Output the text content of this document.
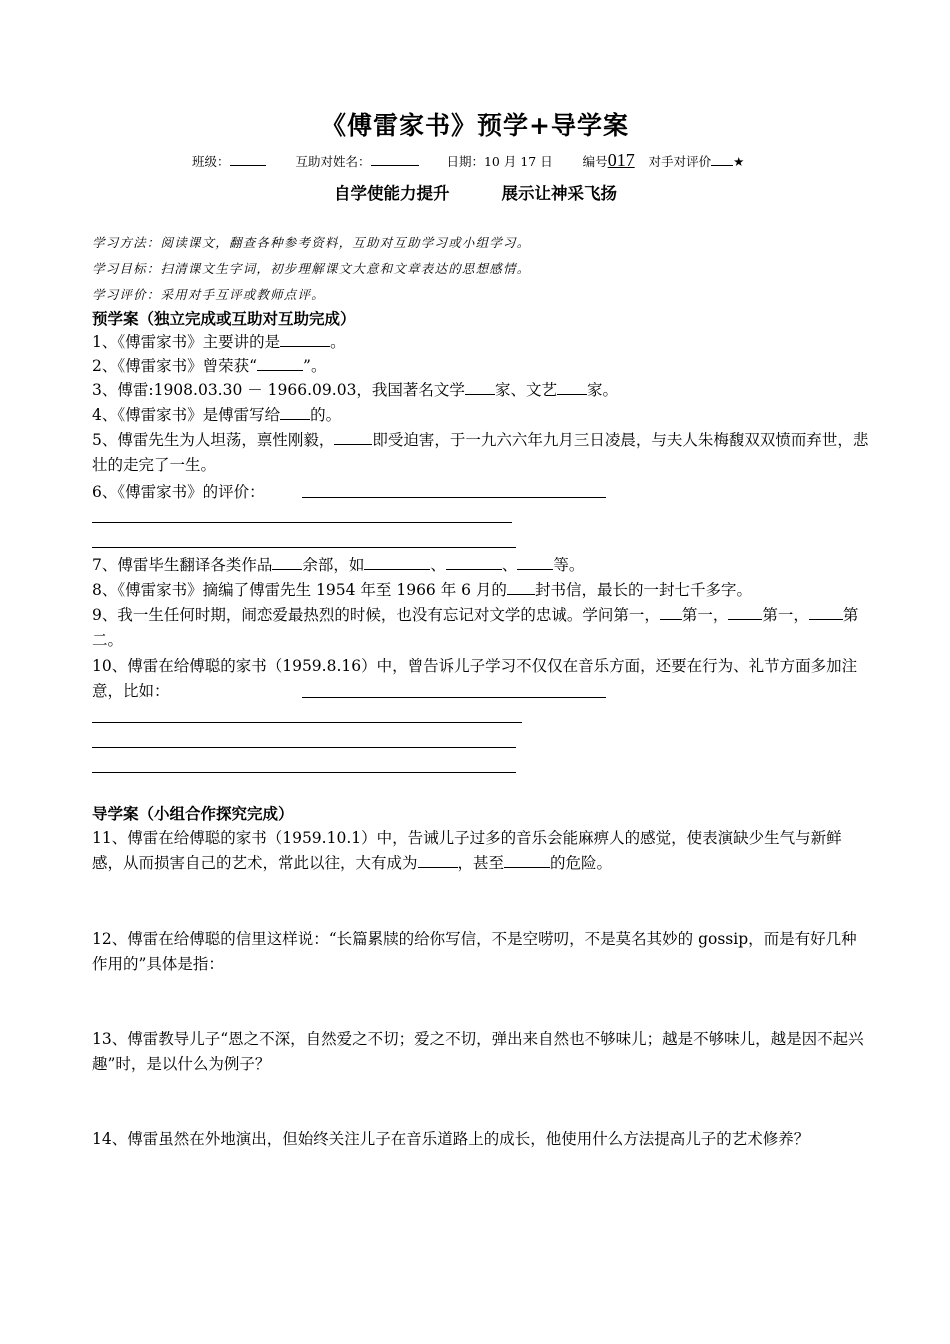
《傅雷家书》预学+导学案
班级：	互助对姓名：	日期：10 月 17 日 编号017 对手对评价 ★
自学使能力提升	展示让神采飞扬
学习方法：阅读课文，翻查各种参考资料，互助对互助学习或小组学习。
学习目标：扫清课文生字词，初步理解课文大意和文章表达的思想感情。
学习评价：采用对手互评或教师点评。
预学案（独立完成或互助对互助完成）
1、《傅雷家书》主要讲的是	。
2、《傅雷家书》曾荣获“	”。
3、傅雷:1908.03.30 － 1966.09.03，我国著名文学 家、文艺 家。
4、《傅雷家书》是傅雷写给 的。
5、傅雷先生为人坦荡，禀性刚毅， 即受迫害，于一九六六年九月三日凌晨，与夫人朱梅馥双双愤而弃世，悲壮的走完了一生。
6、《傅雷家书》的评价：
7、傅雷毕生翻译各类作品 余部，如	、	、 等。
8、《傅雷家书》摘编了傅雷先生 1954 年至 1966 年 6 月的 封书信，最长的一封七千多字。
9、我一生任何时期，闹恋爱最热烈的时候，也没有忘记对文学的忠诚。学问第一， 第一， 第一， 第二。
10、傅雷在给傅聪的家书（1959.8.16）中，曾告诉儿子学习不仅仅在音乐方面，还要在行为、礼节方面多加注意，比如：
导学案（小组合作探究完成）
11、傅雷在给傅聪的家书（1959.10.1）中，告诫儿子过多的音乐会能麻痹人的感觉，使表演缺少生气与新鲜感，从而损害自己的艺术，常此以往，大有成为	，甚至	的危险。
12、傅雷在给傅聪的信里这样说：“长篇累牍的给你写信，不是空唠叨，不是莫名其妙的 gossip，而是有好几种作用的”具体是指：
13、傅雷教导儿子“恩之不深，自然爱之不切；爱之不切，弹出来自然也不够味儿；越是不够味儿，越是因不起兴趣”时，是以什么为例子？
14、傅雷虽然在外地演出，但始终关注儿子在音乐道路上的成长，他使用什么方法提高儿子的艺术修养？
